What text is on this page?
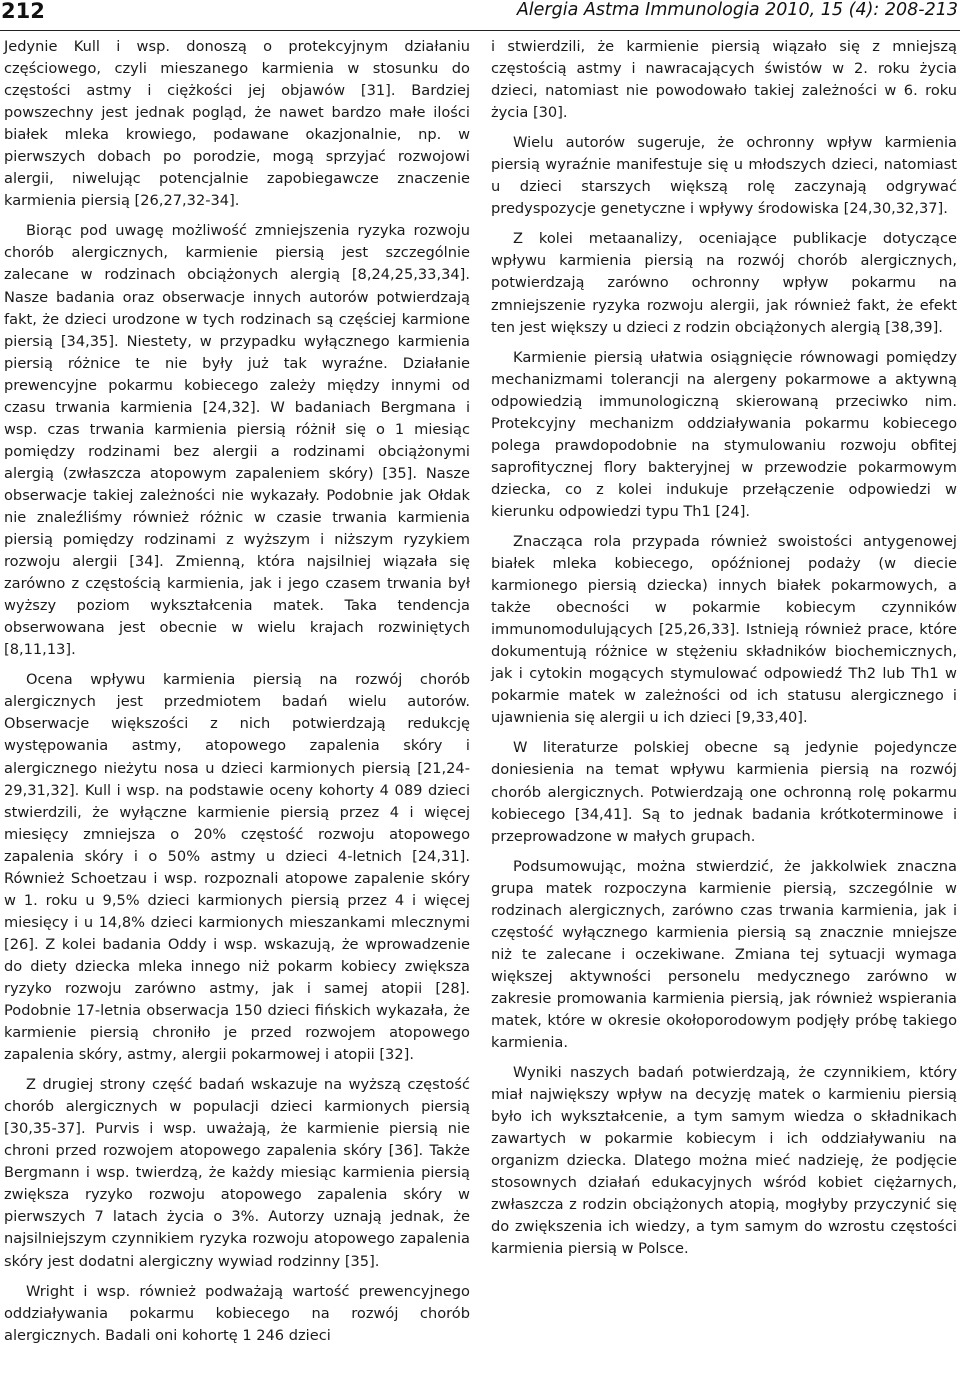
212	Alergia Astma Immunologia 2010, 15 (4): 208-213

Jedynie Kull i wsp. donoszą o protekcyjnym działaniu częściowego, czyli mieszanego karmienia w stosunku do częstości astmy i ciężkości jej objawów [31]. Bardziej powszechny jest jednak pogląd, że nawet bardzo małe ilości białek mleka krowiego, podawane okazjonalnie, np. w pierwszych dobach po porodzie, mogą sprzyjać rozwojowi alergii, niwelując potencjalnie zapobiegawcze znaczenie karmienia piersią [26,27,32-34].

Biorąc pod uwagę możliwość zmniejszenia ryzyka rozwoju chorób alergicznych, karmienie piersią jest szczególnie zalecane w rodzinach obciążonych alergią [8,24,25,33,34]. Nasze badania oraz obserwacje innych autorów potwierdzają fakt, że dzieci urodzone w tych rodzinach są częściej karmione piersią [34,35]. Niestety, w przypadku wyłącznego karmienia piersią różnice te nie były już tak wyraźne. Działanie prewencyjne pokarmu kobiecego zależy między innymi od czasu trwania karmienia [24,32]. W badaniach Bergmana i wsp. czas trwania karmienia piersią różnił się o 1 miesiąc pomiędzy rodzinami bez alergii a rodzinami obciążonymi alergią (zwłaszcza atopowym zapaleniem skóry) [35]. Nasze obserwacje takiej zależności nie wykazały. Podobnie jak Ołdak nie znaleźliśmy również różnic w czasie trwania karmienia piersią pomiędzy rodzinami z wyższym i niższym ryzykiem rozwoju alergii [34]. Zmienną, która najsilniej wiązała się zarówno z częstością karmienia, jak i jego czasem trwania był wyższy poziom wykształcenia matek. Taka tendencja obserwowana jest obecnie w wielu krajach rozwiniętych [8,11,13].

Ocena wpływu karmienia piersią na rozwój chorób alergicznych jest przedmiotem badań wielu autorów. Obserwacje większości z nich potwierdzają redukcję występowania astmy, atopowego zapalenia skóry i alergicznego nieżytu nosa u dzieci karmionych piersią [21,24-29,31,32]. Kull i wsp. na podstawie oceny kohorty 4 089 dzieci stwierdzili, że wyłączne karmienie piersią przez 4 i więcej miesięcy zmniejsza o 20% częstość rozwoju atopowego zapalenia skóry i o 50% astmy u dzieci 4-letnich [24,31]. Również Schoetzau i wsp. rozpoznali atopowe zapalenie skóry w 1. roku u 9,5% dzieci karmionych piersią przez 4 i więcej miesięcy i u 14,8% dzieci karmionych mieszankami mlecznymi [26]. Z kolei badania Oddy i wsp. wskazują, że wprowadzenie do diety dziecka mleka innego niż pokarm kobiecy zwiększa ryzyko rozwoju zarówno astmy, jak i samej atopii [28]. Podobnie 17-letnia obserwacja 150 dzieci fińskich wykazała, że karmienie piersią chroniło je przed rozwojem atopowego zapalenia skóry, astmy, alergii pokarmowej i atopii [32].

Z drugiej strony część badań wskazuje na wyższą częstość chorób alergicznych w populacji dzieci karmionych piersią [30,35-37]. Purvis i wsp. uważają, że karmienie piersią nie chroni przed rozwojem atopowego zapalenia skóry [36]. Także Bergmann i wsp. twierdzą, że każdy miesiąc karmienia piersią zwiększa ryzyko rozwoju atopowego zapalenia skóry w pierwszych 7 latach życia o 3%. Autorzy uznają jednak, że najsilniejszym czynnikiem ryzyka rozwoju atopowego zapalenia skóry jest dodatni alergiczny wywiad rodzinny [35].

Wright i wsp. również podważają wartość prewencyjnego oddziaływania pokarmu kobiecego na rozwój chorób alergicznych. Badali oni kohortę 1 246 dzieci

i stwierdzili, że karmienie piersią wiązało się z mniejszą częstością astmy i nawracających świstów w 2. roku życia dzieci, natomiast nie powodowało takiej zależności w 6. roku życia [30].

Wielu autorów sugeruje, że ochronny wpływ karmienia piersią wyraźnie manifestuje się u młodszych dzieci, natomiast u dzieci starszych większą rolę zaczynają odgrywać predyspozycje genetyczne i wpływy środowiska [24,30,32,37].

Z kolei metaanalizy, oceniające publikacje dotyczące wpływu karmienia piersią na rozwój chorób alergicznych, potwierdzają zarówno ochronny wpływ pokarmu na zmniejszenie ryzyka rozwoju alergii, jak również fakt, że efekt ten jest większy u dzieci z rodzin obciążonych alergią [38,39].

Karmienie piersią ułatwia osiągnięcie równowagi pomiędzy mechanizmami tolerancji na alergeny pokarmowe a aktywną odpowiedzią immunologiczną skierowaną przeciwko nim. Protekcyjny mechanizm oddziaływania pokarmu kobiecego polega prawdopodobnie na stymulowaniu rozwoju obfitej saprofitycznej flory bakteryjnej w przewodzie pokarmowym dziecka, co z kolei indukuje przełączenie odpowiedzi w kierunku odpowiedzi typu Th1 [24].

Znacząca rola przypada również swoistości antygenowej białek mleka kobiecego, opóźnionej podaży (w diecie karmionego piersią dziecka) innych białek pokarmowych, a także obecności w pokarmie kobiecym czynników immunomodulujących [25,26,33]. Istnieją również prace, które dokumentują różnice w stężeniu składników biochemicznych, jak i cytokin mogących stymulować odpowiedź Th2 lub Th1 w pokarmie matek w zależności od ich statusu alergicznego i ujawnienia się alergii u ich dzieci [9,33,40].

W literaturze polskiej obecne są jedynie pojedyncze doniesienia na temat wpływu karmienia piersią na rozwój chorób alergicznych. Potwierdzają one ochronną rolę pokarmu kobiecego [34,41]. Są to jednak badania krótkoterminowe i przeprowadzone w małych grupach.

Podsumowując, można stwierdzić, że jakkolwiek znaczna grupa matek rozpoczyna karmienie piersią, szczególnie w rodzinach alergicznych, zarówno czas trwania karmienia, jak i częstość wyłącznego karmienia piersią są znacznie mniejsze niż te zalecane i oczekiwane. Zmiana tej sytuacji wymaga większej aktywności personelu medycznego zarówno w zakresie promowania karmienia piersią, jak również wspierania matek, które w okresie okołoporodowym podjęły próbę takiego karmienia.

Wyniki naszych badań potwierdzają, że czynnikiem, który miał największy wpływ na decyzję matek o karmieniu piersią było ich wykształcenie, a tym samym wiedza o składnikach zawartych w pokarmie kobiecym i ich oddziaływaniu na organizm dziecka. Dlatego można mieć nadzieję, że podjęcie stosownych działań edukacyjnych wśród kobiet ciężarnych, zwłaszcza z rodzin obciążonych atopią, mogłyby przyczynić się do zwiększenia ich wiedzy, a tym samym do wzrostu częstości karmienia piersią w Polsce.
